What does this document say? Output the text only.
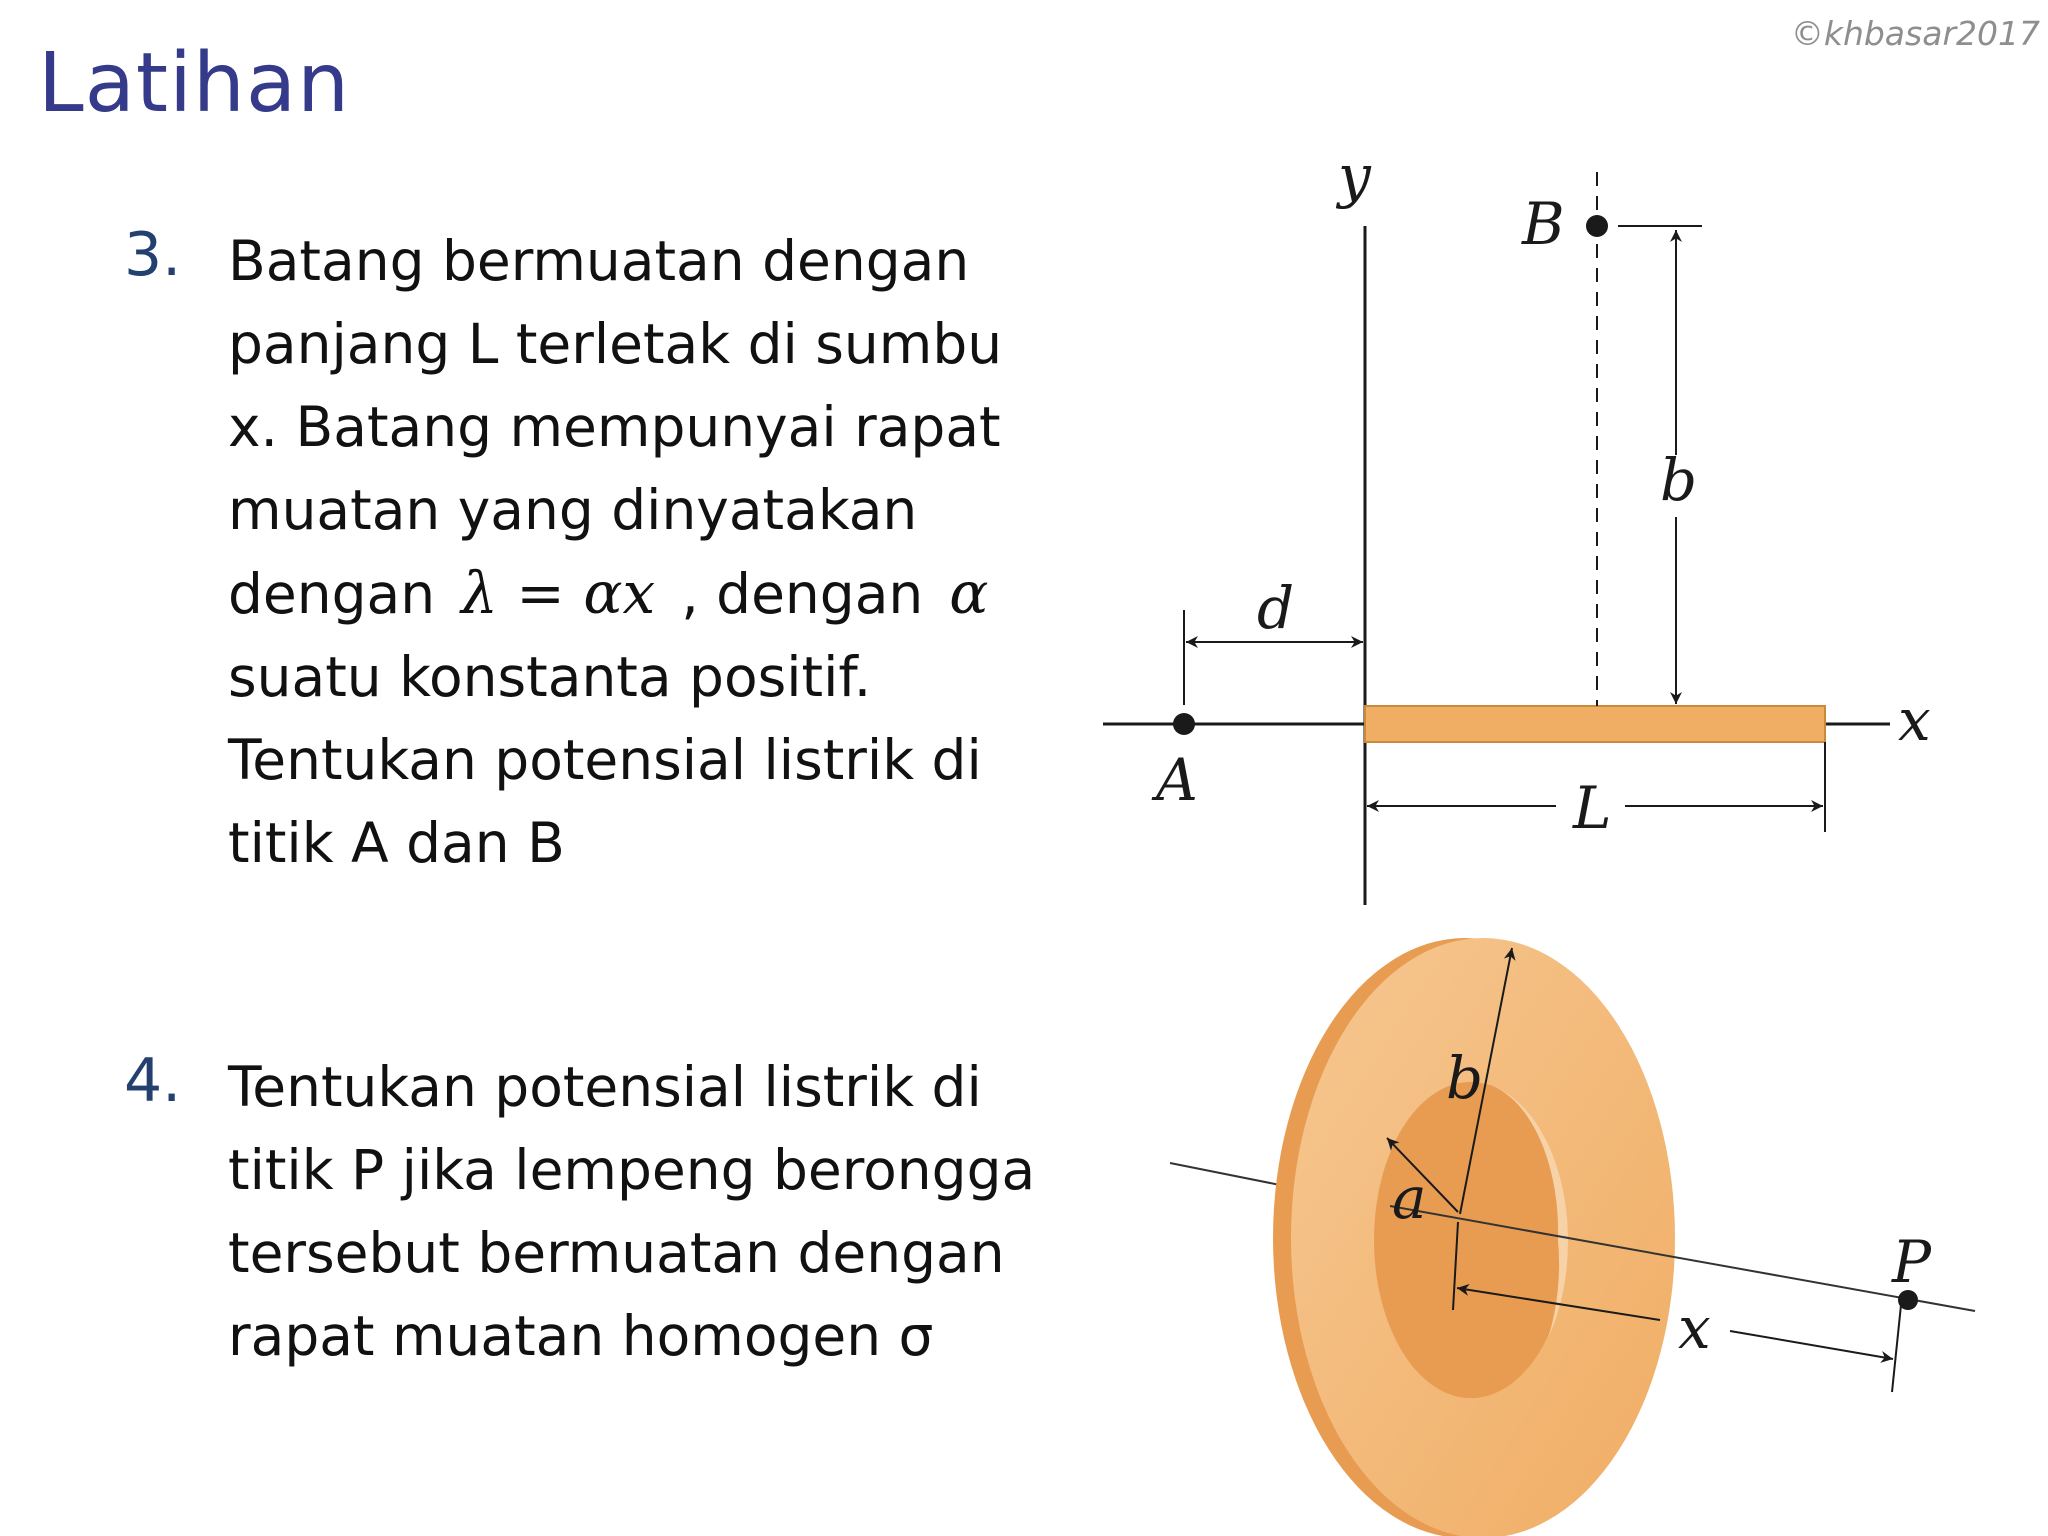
Latihan
©khbasar2017
3. Batang bermuatan dengan
panjang L terletak di sumbu
x. Batang mempunyai rapat
muatan yang dinyatakan
dengan λ = αx , dengan α
suatu konstanta positif.
Tentukan potensial listrik di
titik A dan B
4. Tentukan potensial listrik di
titik P jika lempeng berongga
tersebut bermuatan dengan
rapat muatan homogen σ
y
x
A
d
B
b
L
b
a
P
x
